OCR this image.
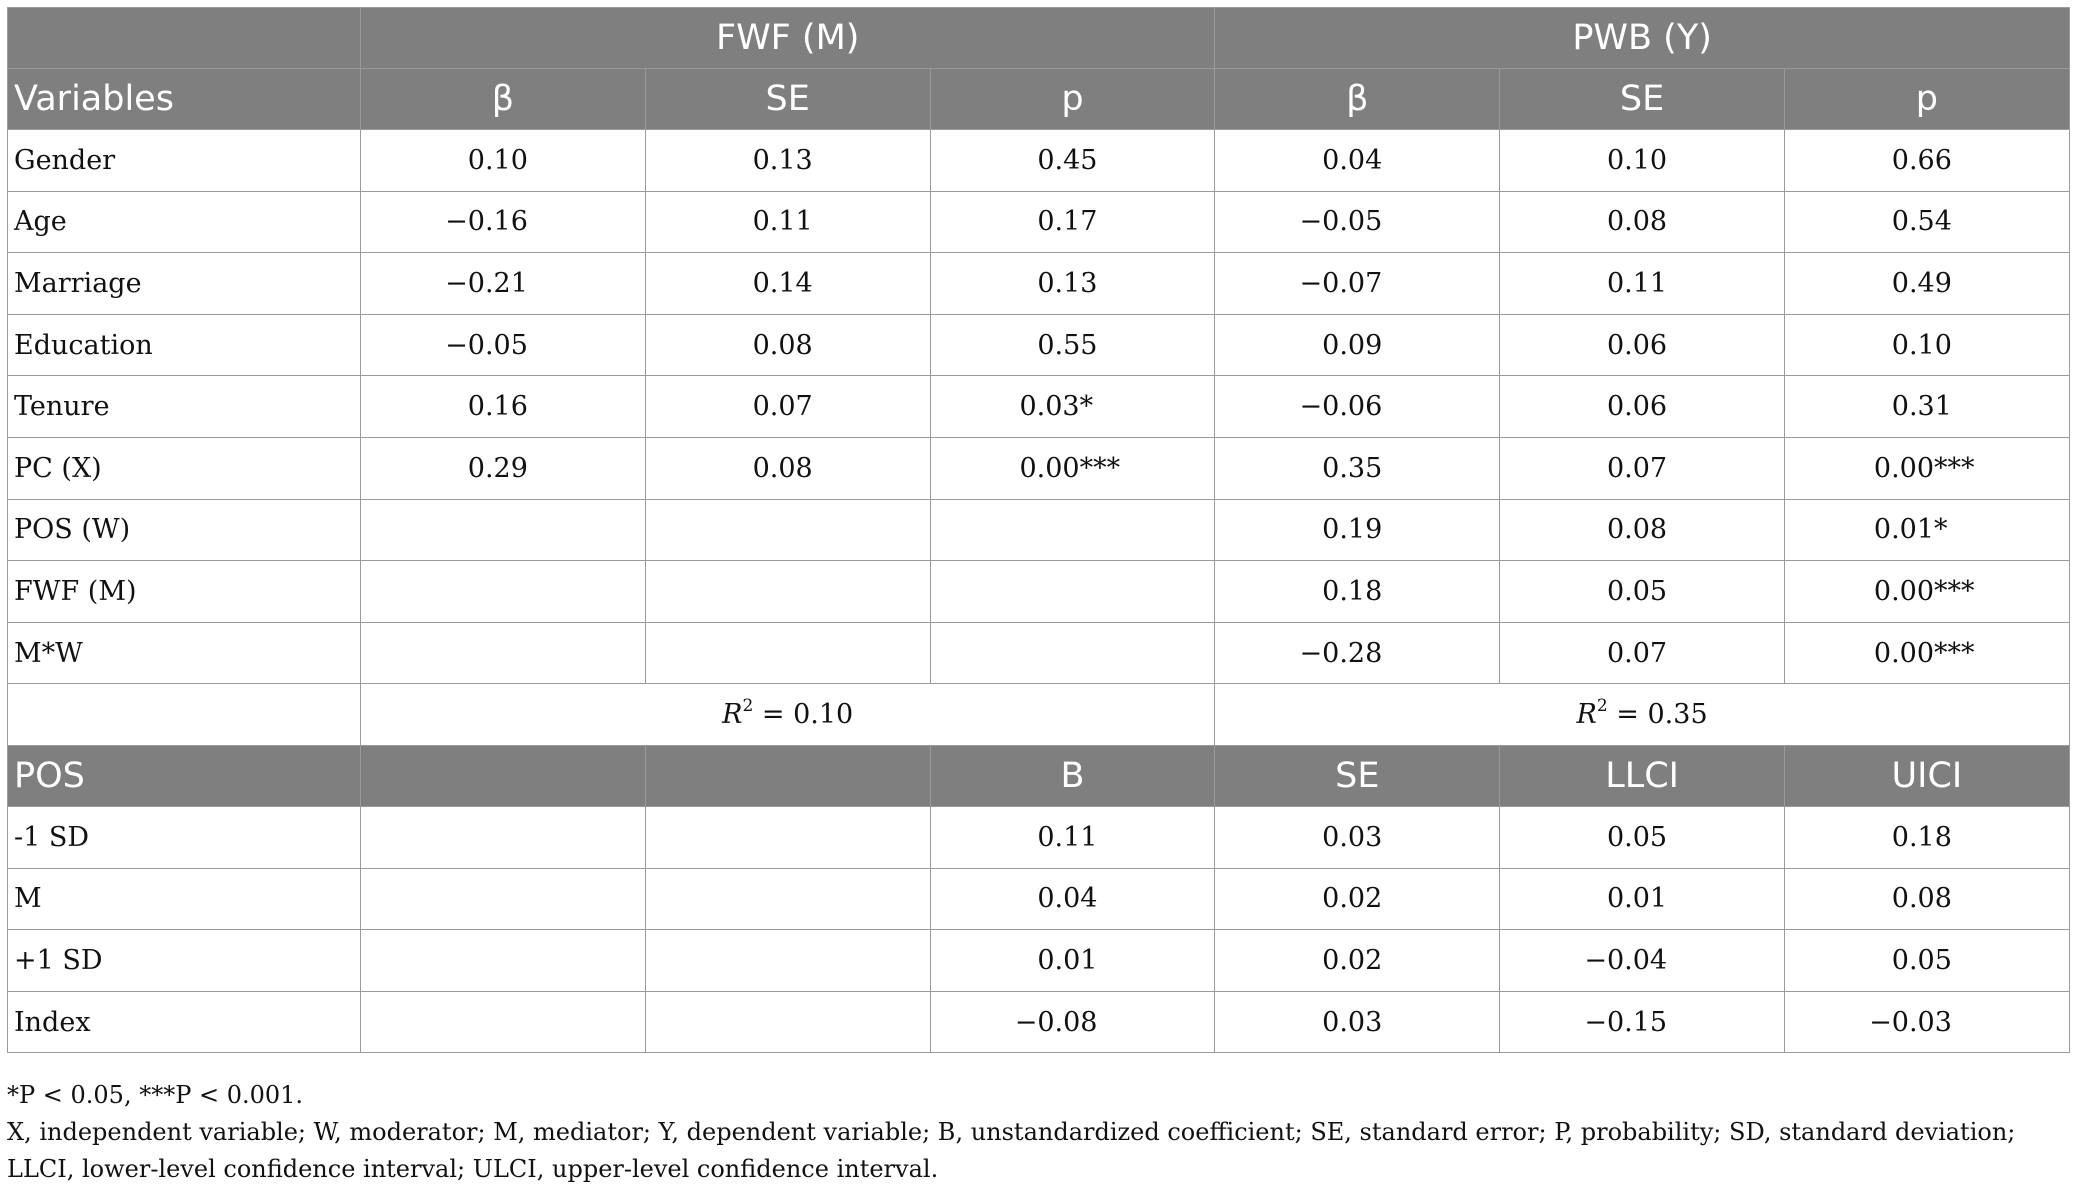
	FWF (M)			PWB (Y)		
Variables	β	SE	p	β	SE	p
Gender	0.10	0.13	0.45	0.04	0.10	0.66
Age	−0.16	0.11	0.17	−0.05	0.08	0.54
Marriage	−0.21	0.14	0.13	−0.07	0.11	0.49
Education	−0.05	0.08	0.55	0.09	0.06	0.10
Tenure	0.16	0.07	0.03*	−0.06	0.06	0.31
PC (X)	0.29	0.08	0.00***	0.35	0.07	0.00***
POS (W)				0.19	0.08	0.01*
FWF (M)				0.18	0.05	0.00***
M*W				−0.28	0.07	0.00***
	$R^2 = 0.10$			$R^2 = 0.35$		
POS			B	SE	LLCI	UICI
-1 SD			0.11	0.03	0.05	0.18
M			0.04	0.02	0.01	0.08
+1 SD			0.01	0.02	−0.04	0.05
Index			−0.08	0.03	−0.15	−0.03

*P < 0.05, ***P < 0.001.

X, independent variable; W, moderator; M, mediator; Y, dependent variable; B, unstandardized coefficient; SE, standard error; P, probability; SD, standard deviation; LLCI, lower-level confidence interval; ULCI, upper-level confidence interval.
